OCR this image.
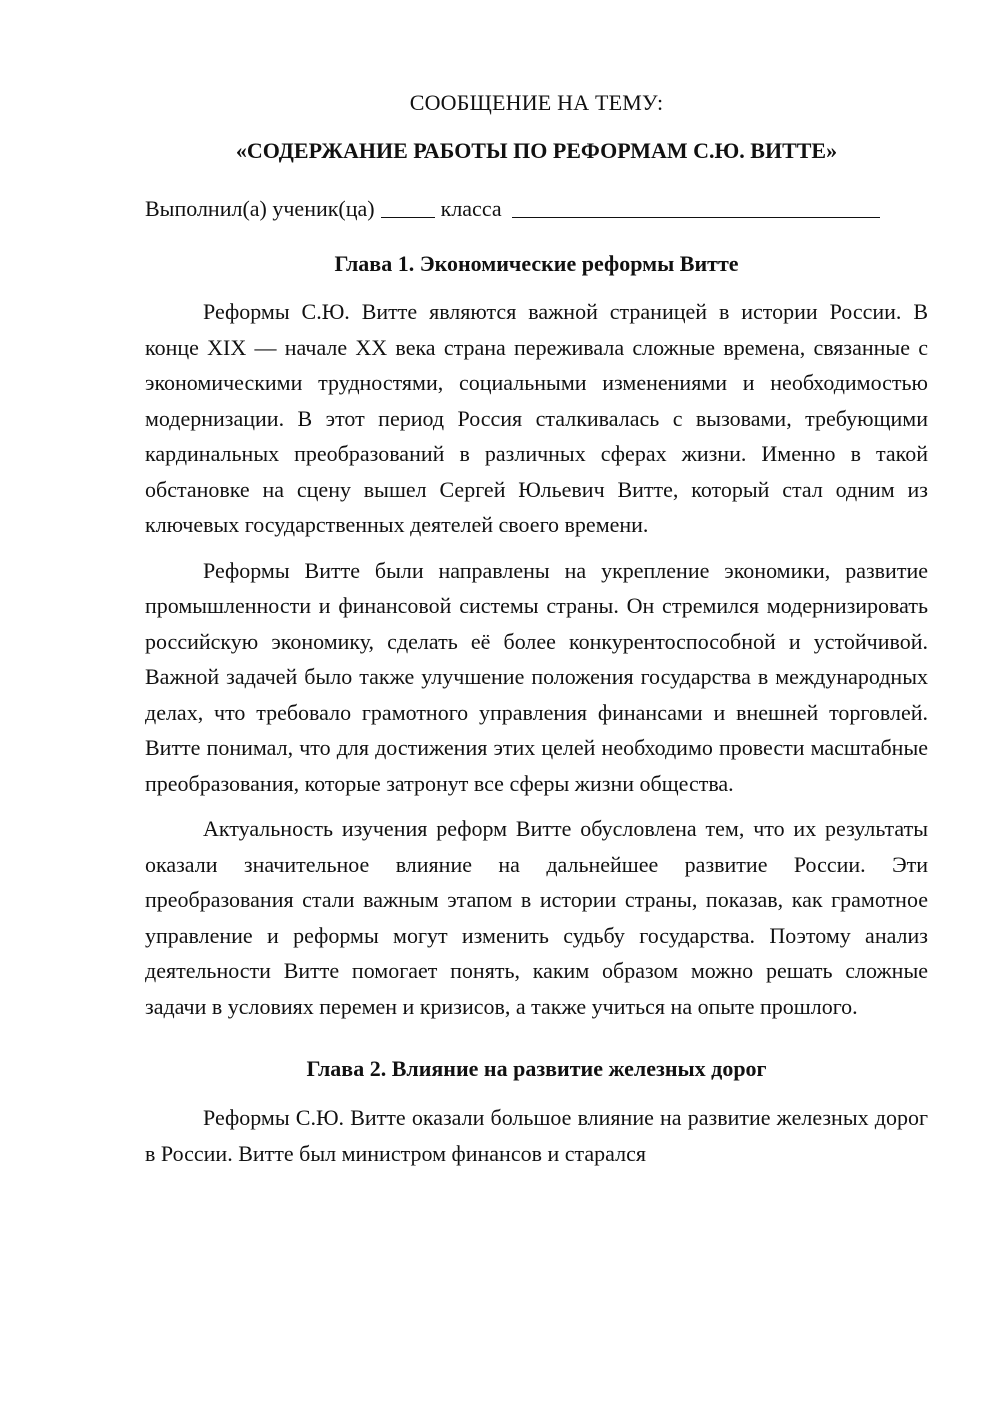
СООБЩЕНИЕ НА ТЕМУ:
«СОДЕРЖАНИЕ РАБОТЫ ПО РЕФОРМАМ С.Ю. ВИТТЕ»
Выполнил(а) ученик(ца)	класса
Глава 1. Экономические реформы Витте

Реформы С.Ю. Витте являются важной страницей в истории России. В конце XIX — начале XX века страна переживала сложные времена, связанные с экономическими трудностями, социальными изменениями и необходимостью модернизации. В этот период Россия сталкивалась с вызовами, требующими кардинальных преобразований в различных сферах жизни. Именно в такой обстановке на сцену вышел Сергей Юльевич Витте, который стал одним из ключевых государственных деятелей своего времени.

Реформы Витте были направлены на укрепление экономики, развитие промышленности и финансовой системы страны. Он стремился модернизировать российскую экономику, сделать её более конкурентоспособной и устойчивой. Важной задачей было также улучшение положения государства в международных делах, что требовало грамотного управления финансами и внешней торговлей. Витте понимал, что для достижения этих целей необходимо провести масштабные преобразования, которые затронут все сферы жизни общества.

Актуальность изучения реформ Витте обусловлена тем, что их результаты оказали значительное влияние на дальнейшее развитие России. Эти преобразования стали важным этапом в истории страны, показав, как грамотное управление и реформы могут изменить судьбу государства. Поэтому анализ деятельности Витте помогает понять, каким образом можно решать сложные задачи в условиях перемен и кризисов, а также учиться на опыте прошлого.

Глава 2. Влияние на развитие железных дорог

Реформы С.Ю. Витте оказали большое влияние на развитие железных дорог в России. Витте был министром финансов и старался
